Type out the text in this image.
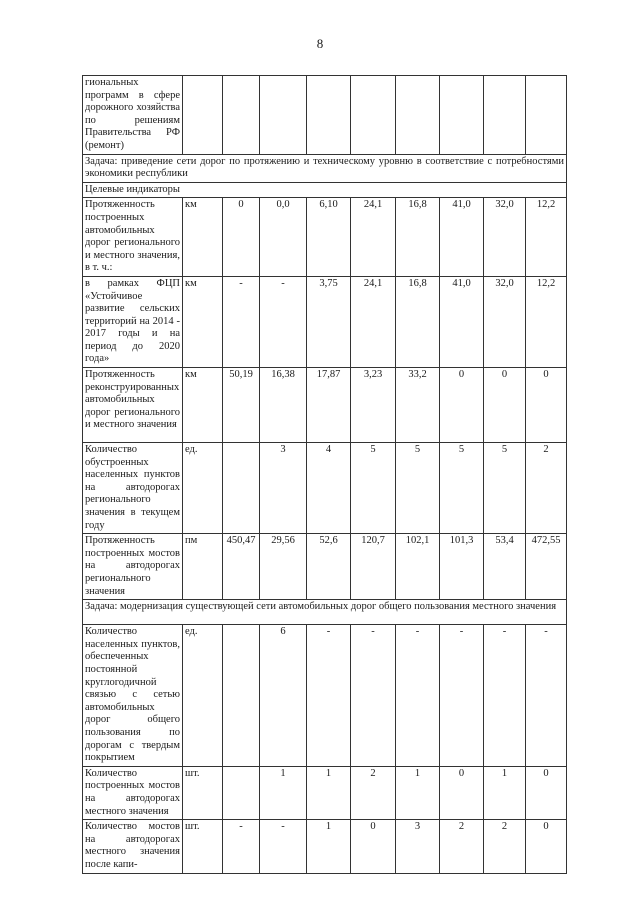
8
гиональных программ в сфере дорожного хозяйства по решениям Правительства РФ (ремонт)									
Задача: приведение сети дорог по протяжению и техническому уровню в соответствие с потребностями экономики республики									
Целевые индикаторы									
Протяженность построенных автомобильных дорог регионального и местного значения, в т. ч.:	км	0	0,0	6,10	24,1	16,8	41,0	32,0	12,2
в рамках ФЦП «Устойчивое развитие сельских территорий на 2014 - 2017 годы и на период до 2020 года»	км	-	-	3,75	24,1	16,8	41,0	32,0	12,2
Протяженность реконструированных автомобильных дорог регионального и местного значения	км	50,19	16,38	17,87	3,23	33,2	0	0	0
Количество обустроенных населенных пунктов на автодорогах регионального значения в текущем году	ед.		3	4	5	5	5	5	2
Протяженность построенных мостов на автодорогах регионального значения	пм	450,47	29,56	52,6	120,7	102,1	101,3	53,4	472,55
Задача: модернизация существующей сети автомобильных дорог общего пользования местного значения									
Количество населенных пунктов, обеспеченных постоянной круглогодичной связью с сетью автомобильных дорог общего пользования по дорогам с твердым покрытием	ед.		6	-	-	-	-	-	-
Количество построенных мостов на автодорогах местного значения	шт.		1	1	2	1	0	1	0
Количество мостов на автодорогах местного значения после капи-	шт.	-	-	1	0	3	2	2	0
